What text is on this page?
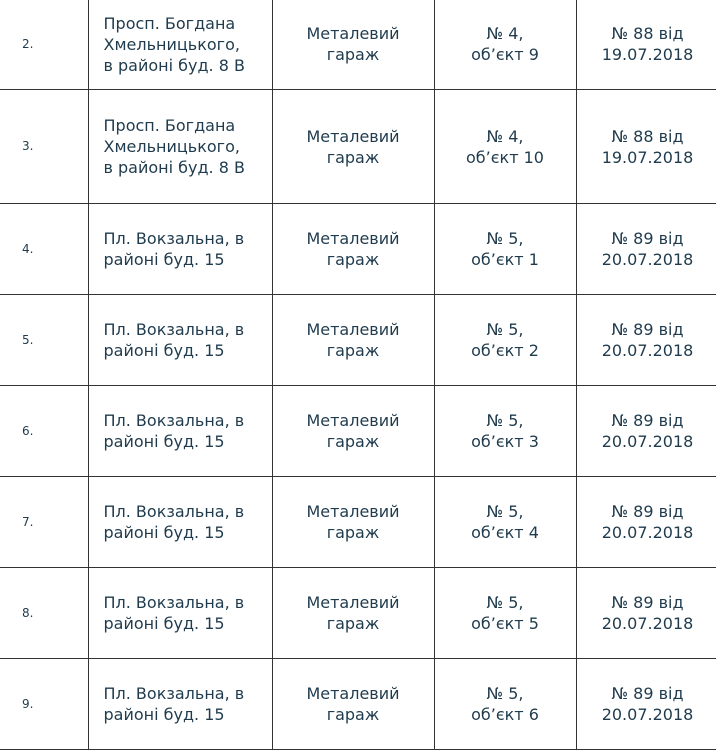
2.	Просп. Богдана
Хмельницького,
в районі буд. 8 В	Металевий
гараж	№ 4,
об’єкт 9	№ 88 від
19.07.2018
3.	Просп. Богдана
Хмельницького,
в районі буд. 8 В	Металевий
гараж	№ 4,
об’єкт 10	№ 88 від
19.07.2018
4.	Пл. Вокзальна, в
районі буд. 15	Металевий
гараж	№ 5,
об’єкт 1	№ 89 від
20.07.2018
5.	Пл. Вокзальна, в
районі буд. 15	Металевий
гараж	№ 5,
об’єкт 2	№ 89 від
20.07.2018
6.	Пл. Вокзальна, в
районі буд. 15	Металевий
гараж	№ 5,
об’єкт 3	№ 89 від
20.07.2018
7.	Пл. Вокзальна, в
районі буд. 15	Металевий
гараж	№ 5,
об’єкт 4	№ 89 від
20.07.2018
8.	Пл. Вокзальна, в
районі буд. 15	Металевий
гараж	№ 5,
об’єкт 5	№ 89 від
20.07.2018
9.	Пл. Вокзальна, в
районі буд. 15	Металевий
гараж	№ 5,
об’єкт 6	№ 89 від
20.07.2018
